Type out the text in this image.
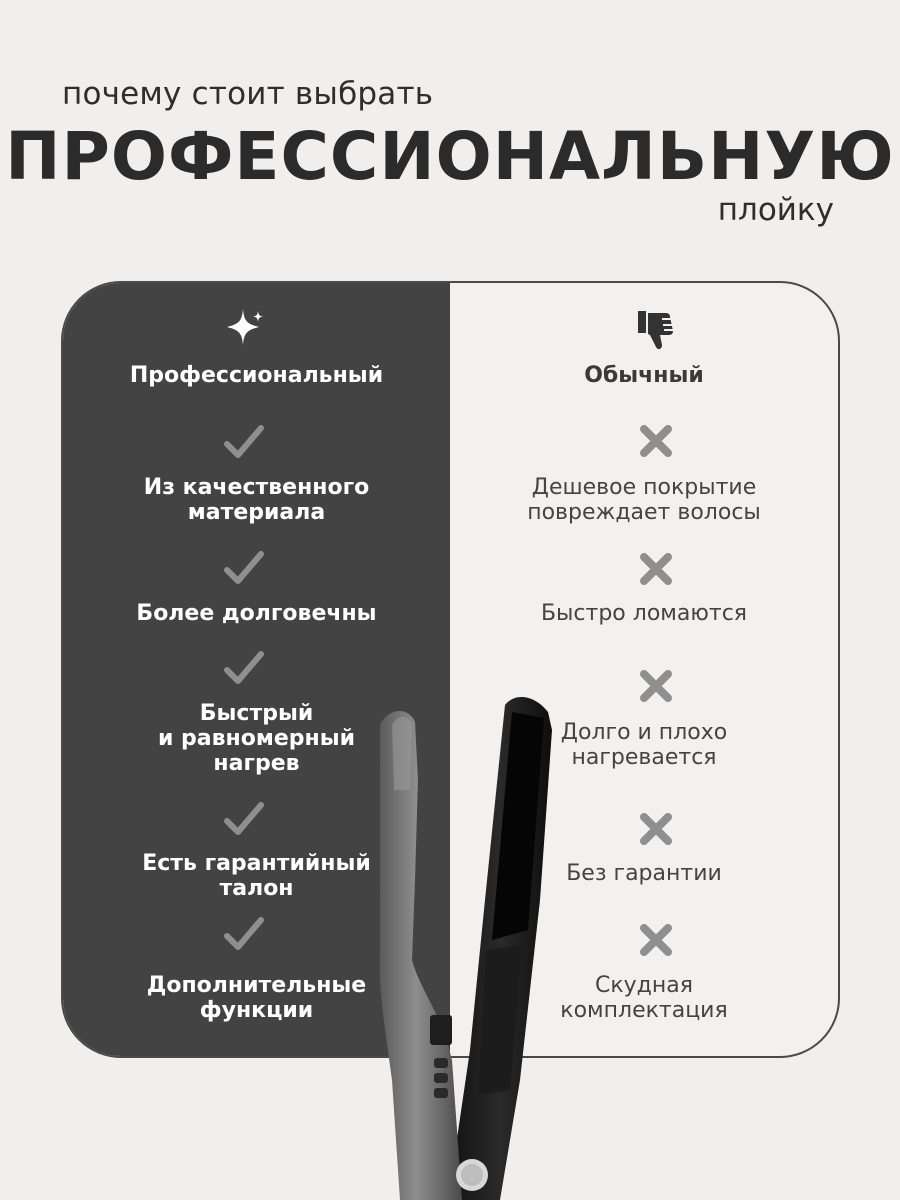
почему стоит выбрать
ПРОФЕССИОНАЛЬНУЮ
плойку
Профессиональный
Из качественного
материала
Более долговечны
Быстрый
и равномерный
нагрев
Есть гарантийный
талон
Дополнительные
функции
Обычный
Дешевое покрытие
повреждает волосы
Быстро ломаются
Долго и плохо
нагревается
Без гарантии
Скудная
комплектация
